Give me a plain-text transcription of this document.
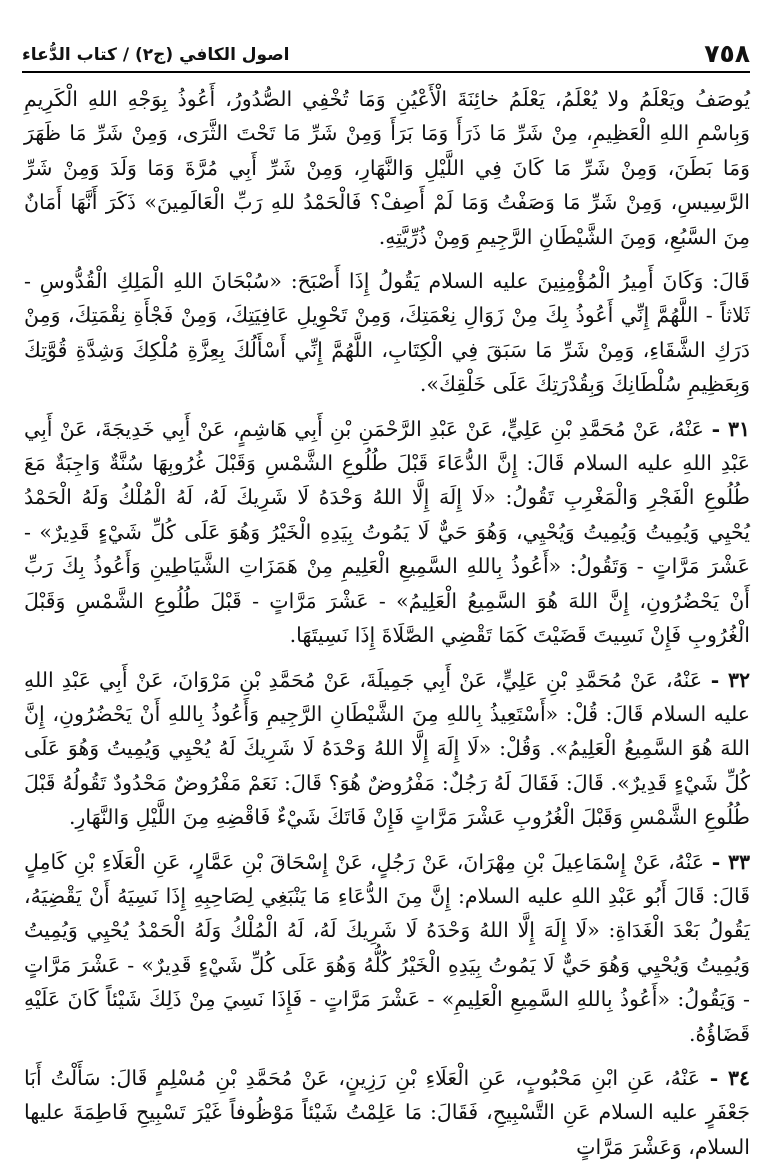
٧٥٨
اصول الكافي (ج٢) / كتاب الدُّعاء

يُوصَفُ ويَعْلَمُ ولا يُعْلَمُ، يَعْلَمُ خائِنَةَ الْأَعْيُنِ وَمَا تُخْفِي الصُّدُورُ، أَعُوذُ بِوَجْهِ اللهِ الْكَرِيمِ وَبِاسْمِ اللهِ الْعَظِيمِ، مِنْ شَرِّ مَا ذَرَأَ وَمَا بَرَأَ وَمِنْ شَرِّ مَا تَحْتَ الثَّرَى، وَمِنْ شَرِّ مَا ظَهَرَ وَمَا بَطَنَ، وَمِنْ شَرِّ مَا كَانَ فِي اللَّيْلِ وَالنَّهَارِ، وَمِنْ شَرِّ أَبِي مُرَّةَ وَمَا وَلَدَ وَمِنْ شَرِّ الرَّسِيسِ، وَمِنْ شَرِّ مَا وَصَفْتُ وَمَا لَمْ أَصِفْ؟ فَالْحَمْدُ للهِ رَبِّ الْعَالَمِينَ» ذَكَرَ أَنَّهَا أَمَانٌ مِنَ السَّبُعِ، وَمِنَ الشَّيْطَانِ الرَّجِيمِ وَمِنْ ذُرِّيَّتِهِ.

قَالَ: وَكَانَ أَمِيرُ الْمُؤْمِنِينَ عليه السلام يَقُولُ إِذَا أَصْبَحَ: «سُبْحَانَ اللهِ الْمَلِكِ الْقُدُّوسِ - ثَلاثاً - اللَّهُمَّ إِنِّي أَعُوذُ بِكَ مِنْ زَوَالِ نِعْمَتِكَ، وَمِنْ تَحْوِيلِ عَافِيَتِكَ، وَمِنْ فَجْأَةِ نِقْمَتِكَ، وَمِنْ دَرَكِ الشَّقَاءِ، وَمِنْ شَرِّ مَا سَبَقَ فِي الْكِتَابِ، اللَّهُمَّ إِنِّي أَسْأَلُكَ بِعِزَّةِ مُلْكِكَ وَشِدَّةِ قُوَّتِكَ وَبِعَظِيمِ سُلْطَانِكَ وَبِقُدْرَتِكَ عَلَى خَلْقِكَ».

٣١ - عَنْهُ، عَنْ مُحَمَّدِ بْنِ عَلِيٍّ، عَنْ عَبْدِ الرَّحْمَنِ بْنِ أَبِي هَاشِمٍ، عَنْ أَبِي خَدِيجَةَ، عَنْ أَبِي عَبْدِ اللهِ عليه السلام قَالَ: إِنَّ الدُّعَاءَ قَبْلَ طُلُوعِ الشَّمْسِ وَقَبْلَ غُرُوبِهَا سُنَّةٌ وَاجِبَةٌ مَعَ طُلُوعِ الْفَجْرِ وَالْمَغْرِبِ تَقُولُ: «لَا إِلَهَ إِلَّا اللهُ وَحْدَهُ لَا شَرِيكَ لَهُ، لَهُ الْمُلْكُ وَلَهُ الْحَمْدُ يُحْيِي وَيُمِيتُ وَيُمِيتُ وَيُحْيِي، وَهُوَ حَيٌّ لَا يَمُوتُ بِيَدِهِ الْخَيْرُ وَهُوَ عَلَى كُلِّ شَيْءٍ قَدِيرٌ» - عَشْرَ مَرَّاتٍ - وَتَقُولُ: «أَعُوذُ بِاللهِ السَّمِيعِ الْعَلِيمِ مِنْ هَمَزَاتِ الشَّيَاطِينِ وَأَعُوذُ بِكَ رَبِّ أَنْ يَحْضُرُونِ، إِنَّ اللهَ هُوَ السَّمِيعُ الْعَلِيمُ» - عَشْرَ مَرَّاتٍ - قَبْلَ طُلُوعِ الشَّمْسِ وَقَبْلَ الْغُرُوبِ فَإِنْ نَسِيتَ قَضَيْتَ كَمَا تَقْضِي الصَّلَاةَ إِذَا نَسِيتَهَا.

٣٢ - عَنْهُ، عَنْ مُحَمَّدِ بْنِ عَلِيٍّ، عَنْ أَبِي جَمِيلَةَ، عَنْ مُحَمَّدِ بْنِ مَرْوَانَ، عَنْ أَبِي عَبْدِ اللهِ عليه السلام قَالَ: قُلْ: «أَسْتَعِيذُ بِاللهِ مِنَ الشَّيْطَانِ الرَّجِيمِ وَأَعُوذُ بِاللهِ أَنْ يَحْضُرُونِ، إِنَّ اللهَ هُوَ السَّمِيعُ الْعَلِيمُ». وَقُلْ: «لَا إِلَهَ إِلَّا اللهُ وَحْدَهُ لَا شَرِيكَ لَهُ يُحْيِي وَيُمِيتُ وَهُوَ عَلَى كُلِّ شَيْءٍ قَدِيرٌ». قَالَ: فَقَالَ لَهُ رَجُلٌ: مَفْرُوضٌ هُوَ؟ قَالَ: نَعَمْ مَفْرُوضٌ مَحْدُودٌ تَقُولُهُ قَبْلَ طُلُوعِ الشَّمْسِ وَقَبْلَ الْغُرُوبِ عَشْرَ مَرَّاتٍ فَإِنْ فَاتَكَ شَيْءٌ فَاقْضِهِ مِنَ اللَّيْلِ وَالنَّهَارِ.

٣٣ - عَنْهُ، عَنْ إِسْمَاعِيلَ بْنِ مِهْرَانَ، عَنْ رَجُلٍ، عَنْ إِسْحَاقَ بْنِ عَمَّارٍ، عَنِ الْعَلَاءِ بْنِ كَامِلٍ قَالَ: قَالَ أَبُو عَبْدِ اللهِ عليه السلام: إِنَّ مِنَ الدُّعَاءِ مَا يَنْبَغِي لِصَاحِبِهِ إِذَا نَسِيَهُ أَنْ يَقْضِيَهُ، يَقُولُ بَعْدَ الْغَدَاةِ: «لَا إِلَهَ إِلَّا اللهُ وَحْدَهُ لَا شَرِيكَ لَهُ، لَهُ الْمُلْكُ وَلَهُ الْحَمْدُ يُحْيِي وَيُمِيتُ وَيُمِيتُ وَيُحْيِي وَهُوَ حَيٌّ لَا يَمُوتُ بِيَدِهِ الْخَيْرُ كُلُّهُ وَهُوَ عَلَى كُلِّ شَيْءٍ قَدِيرٌ» - عَشْرَ مَرَّاتٍ - وَيَقُولُ: «أَعُوذُ بِاللهِ السَّمِيعِ الْعَلِيمِ» - عَشْرَ مَرَّاتٍ - فَإِذَا نَسِيَ مِنْ ذَلِكَ شَيْئاً كَانَ عَلَيْهِ قَضَاؤُهُ.

٣٤ - عَنْهُ، عَنِ ابْنِ مَحْبُوبٍ، عَنِ الْعَلَاءِ بْنِ رَزِينٍ، عَنْ مُحَمَّدِ بْنِ مُسْلِمٍ قَالَ: سَأَلْتُ أَبَا جَعْفَرٍ عليه السلام عَنِ التَّسْبِيحِ، فَقَالَ: مَا عَلِمْتُ شَيْئاً مَوْظُوفاً غَيْرَ تَسْبِيحِ فَاطِمَةَ عليها السلام، وَعَشْرَ مَرَّاتٍ
